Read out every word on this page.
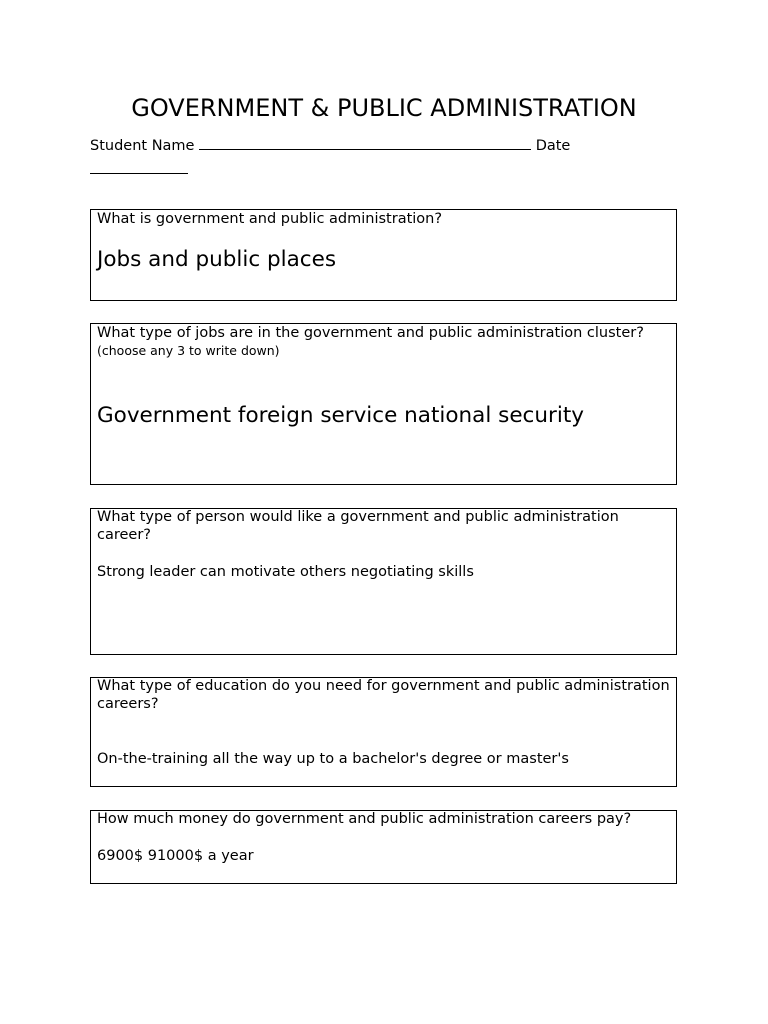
GOVERNMENT & PUBLIC ADMINISTRATION
Student Name	Date

What is government and public administration?

Jobs and public places

What type of jobs are in the government and public administration cluster?

(choose any 3 to write down)
Government foreign service national security

What type of person would like a government and public administration career?

Strong leader can motivate others negotiating skills

What type of education do you need for government and public administration careers?

On-the-training all the way up to a bachelor's degree or master's

How much money do government and public administration careers pay?

6900$ 91000$ a year
